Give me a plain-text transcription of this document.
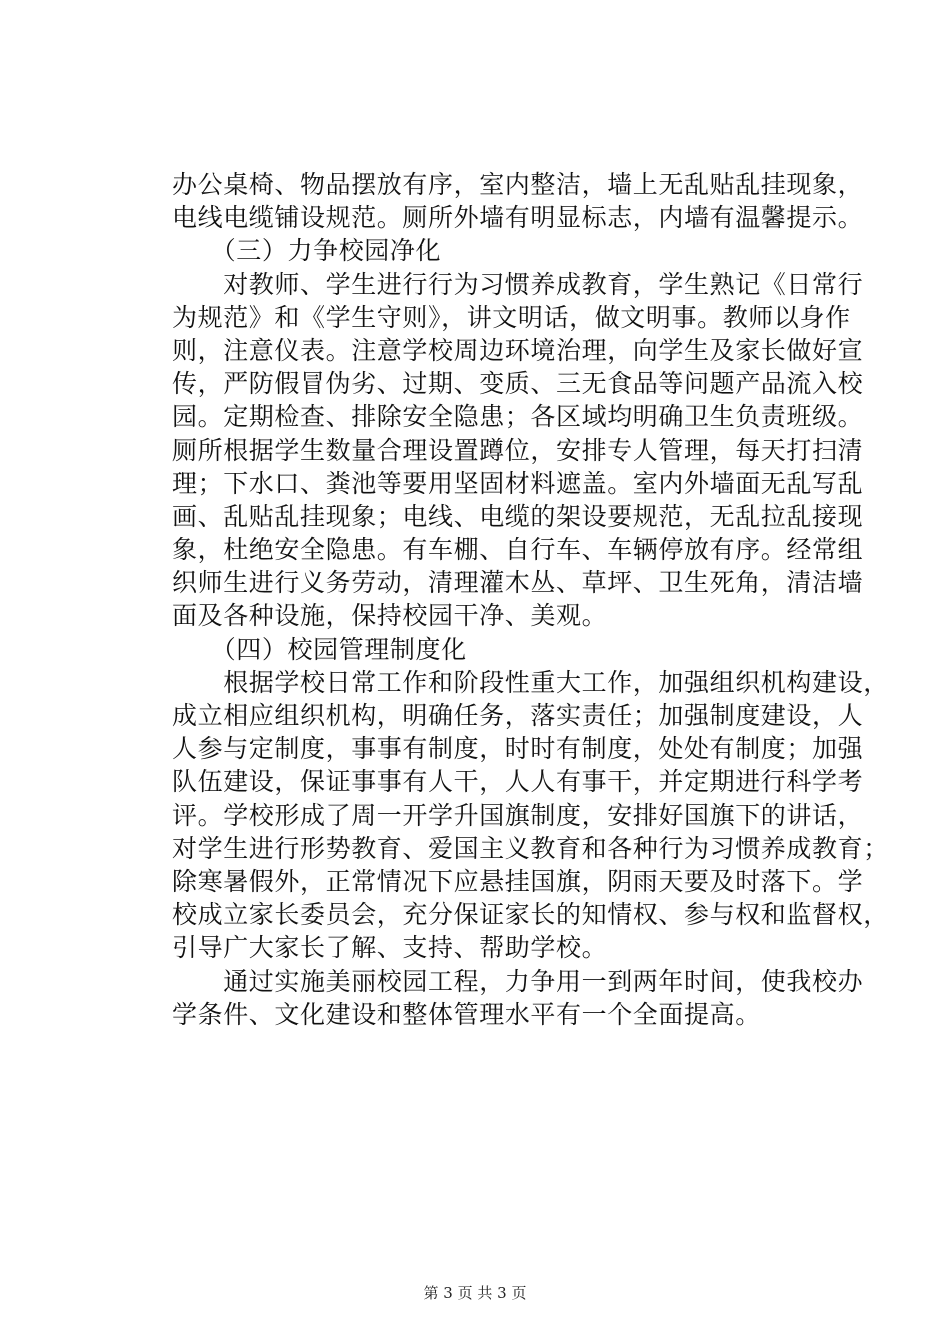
办公桌椅、物品摆放有序，室内整洁，墙上无乱贴乱挂现象，
电线电缆铺设规范。厕所外墙有明显标志，内墙有温馨提示。
　　（三）力争校园净化
　　对教师、学生进行行为习惯养成教育，学生熟记《日常行
为规范》和《学生守则》，讲文明话，做文明事。教师以身作
则，注意仪表。注意学校周边环境治理，向学生及家长做好宣
传，严防假冒伪劣、过期、变质、三无食品等问题产品流入校
园。定期检查、排除安全隐患；各区域均明确卫生负责班级。
厕所根据学生数量合理设置蹲位，安排专人管理，每天打扫清
理；下水口、粪池等要用坚固材料遮盖。室内外墙面无乱写乱
画、乱贴乱挂现象；电线、电缆的架设要规范，无乱拉乱接现
象，杜绝安全隐患。有车棚、自行车、车辆停放有序。经常组
织师生进行义务劳动，清理灌木丛、草坪、卫生死角，清洁墙
面及各种设施，保持校园干净、美观。
　　（四）校园管理制度化
　　根据学校日常工作和阶段性重大工作，加强组织机构建设，
成立相应组织机构，明确任务，落实责任；加强制度建设，人
人参与定制度，事事有制度，时时有制度，处处有制度；加强
队伍建设，保证事事有人干，人人有事干，并定期进行科学考
评。学校形成了周一开学升国旗制度，安排好国旗下的讲话，
对学生进行形势教育、爱国主义教育和各种行为习惯养成教育；
除寒暑假外，正常情况下应悬挂国旗，阴雨天要及时落下。学
校成立家长委员会，充分保证家长的知情权、参与权和监督权，
引导广大家长了解、支持、帮助学校。
　　通过实施美丽校园工程，力争用一到两年时间，使我校办
学条件、文化建设和整体管理水平有一个全面提高。
第 3 页 共 3 页
